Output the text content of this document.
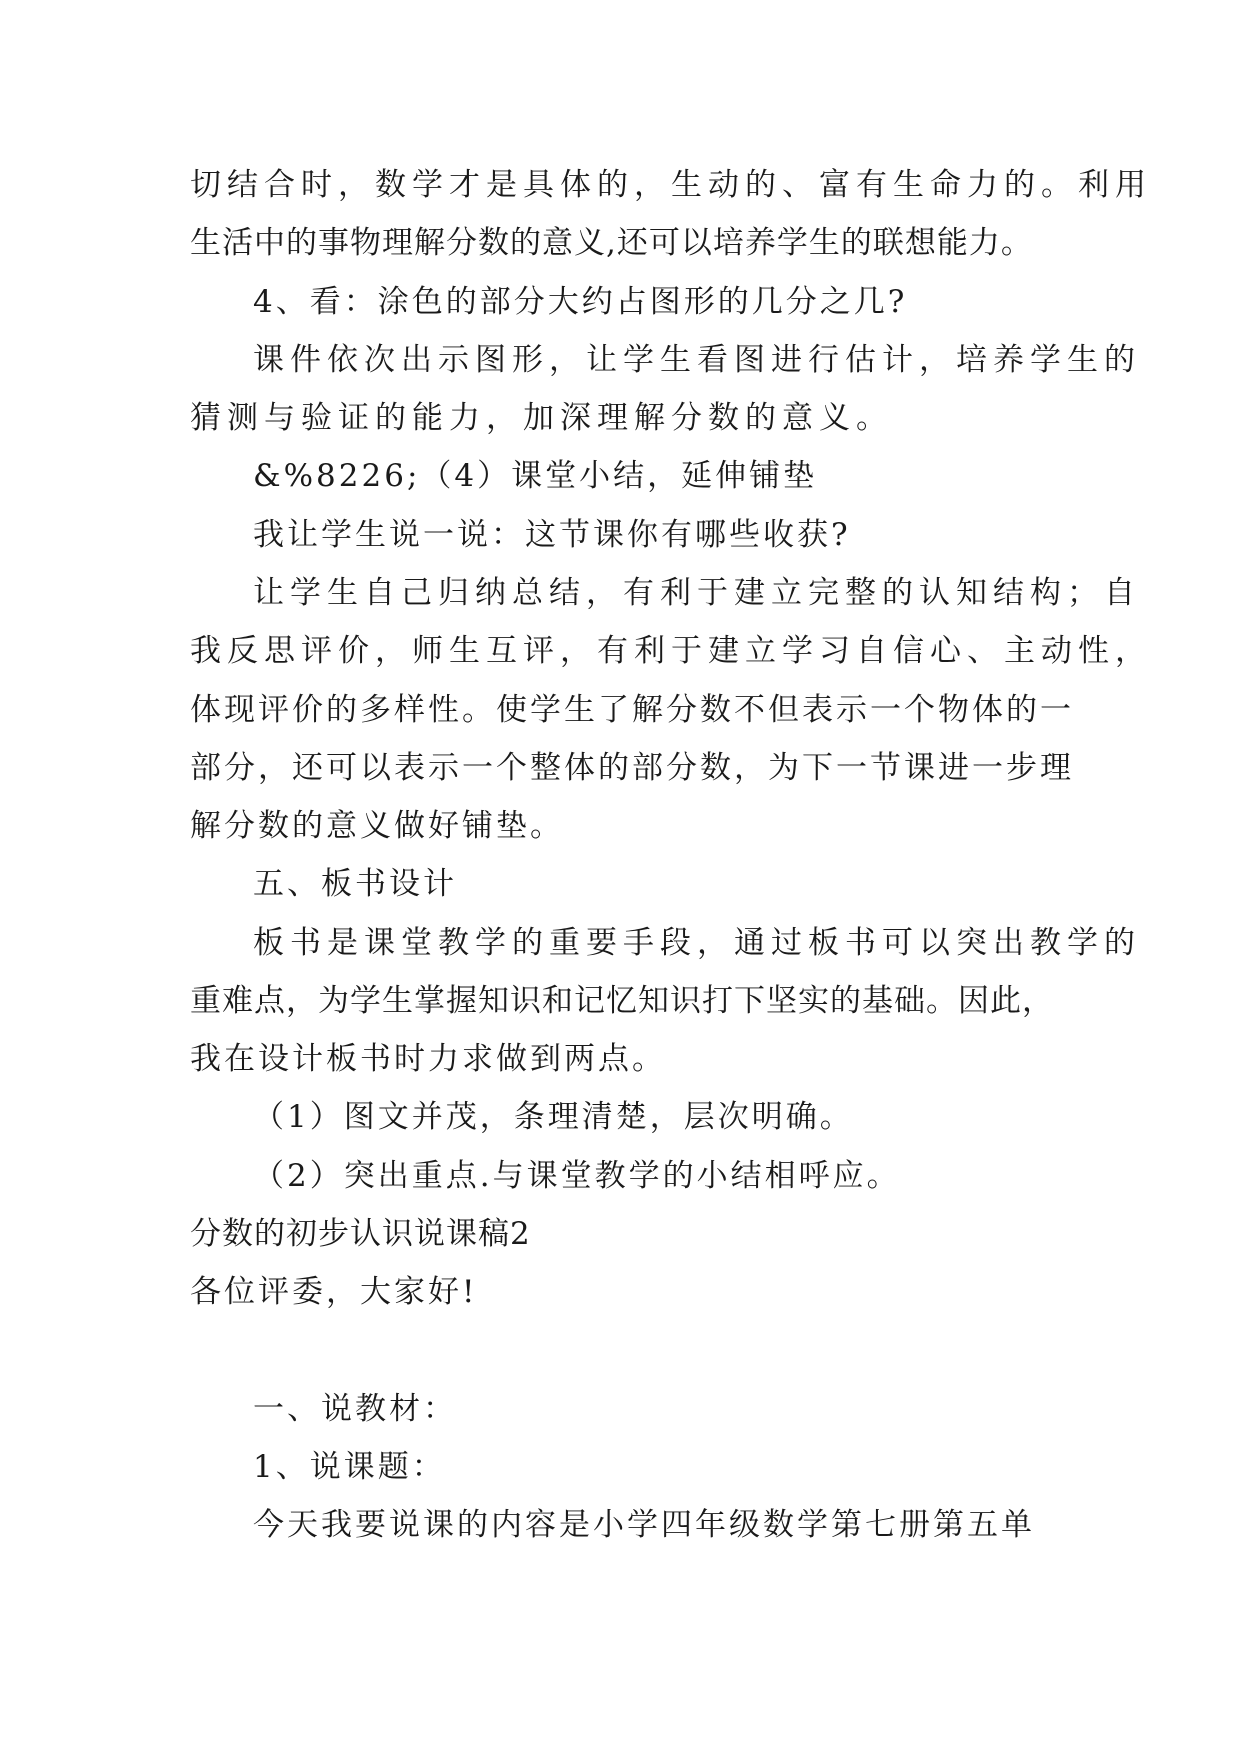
切结合时，数学才是具体的，生动的、富有生命力的。利用
生活中的事物理解分数的意义,还可以培养学生的联想能力。
4、看：涂色的部分大约占图形的几分之几?
课件依次出示图形，让学生看图进行估计，培养学生的
猜测与验证的能力，加深理解分数的意义。
&%8226;（4）课堂小结，延伸铺垫
我让学生说一说：这节课你有哪些收获?
让学生自己归纳总结，有利于建立完整的认知结构；自
我反思评价，师生互评，有利于建立学习自信心、主动性，
体现评价的多样性。使学生了解分数不但表示一个物体的一
部分，还可以表示一个整体的部分数，为下一节课进一步理
解分数的意义做好铺垫。
五、板书设计
板书是课堂教学的重要手段，通过板书可以突出教学的
重难点，为学生掌握知识和记忆知识打下坚实的基础。因此，
我在设计板书时力求做到两点。
（1）图文并茂，条理清楚，层次明确。
（2）突出重点.与课堂教学的小结相呼应。
分数的初步认识说课稿2
各位评委，大家好!
一、说教材：
1、说课题：
今天我要说课的内容是小学四年级数学第七册第五单
